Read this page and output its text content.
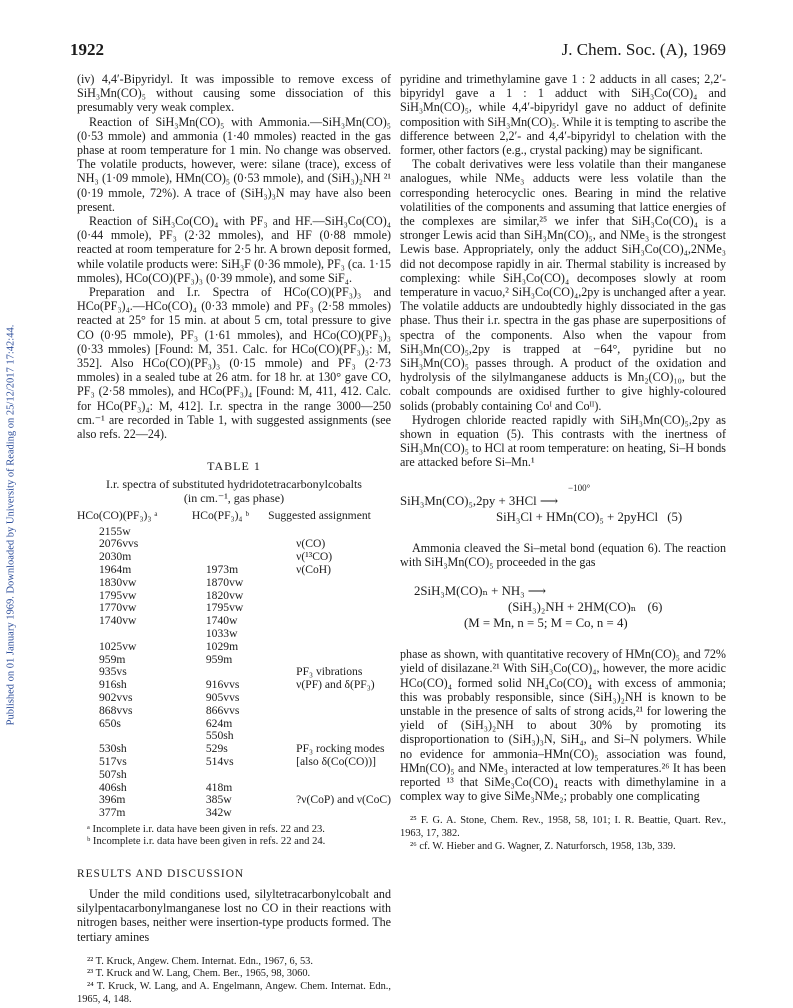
Published on 01 January 1969. Downloaded by University of Reading on 25/12/2017 17:42:44.
1922	J. Chem. Soc. (A), 1969

(iv) 4,4′-Bipyridyl. It was impossible to remove excess of SiH₃Mn(CO)₅ without causing some dissociation of this presumably very weak complex.

Reaction of SiH₃Mn(CO)₅ with Ammonia.—SiH₃Mn(CO)₅ (0·53 mmole) and ammonia (1·40 mmoles) reacted in the gas phase at room temperature for 1 min. No change was observed. The volatile products, however, were: silane (trace), excess of NH₃ (1·09 mmole), HMn(CO)₅ (0·53 mmole), and (SiH₃)₂NH ²¹ (0·19 mmole, 72%). A trace of (SiH₃)₃N may have also been present.

Reaction of SiH₃Co(CO)₄ with PF₃ and HF.—SiH₃Co(CO)₄ (0·44 mmole), PF₃ (2·32 mmoles), and HF (0·88 mmole) reacted at room temperature for 2·5 hr. A brown deposit formed, while volatile products were: SiH₃F (0·36 mmole), PF₃ (ca. 1·15 mmoles), HCo(CO)(PF₃)₃ (0·39 mmole), and some SiF₄.

Preparation and I.r. Spectra of HCo(CO)(PF₃)₃ and HCo(PF₃)₄.—HCo(CO)₄ (0·33 mmole) and PF₃ (2·58 mmoles) reacted at 25° for 15 min. at about 5 cm, total pressure to give CO (0·95 mmole), PF₃ (1·61 mmoles), and HCo(CO)(PF₃)₃ (0·33 mmoles) [Found: M, 351. Calc. for HCo(CO)(PF₃)₃: M, 352]. Also HCo(CO)(PF₃)₃ (0·15 mmole) and PF₃ (2·73 mmoles) in a sealed tube at 26 atm. for 18 hr. at 130° gave CO, PF₃ (2·58 mmoles), and HCo(PF₃)₄ [Found: M, 411, 412. Calc. for HCo(PF₃)₄: M, 412]. I.r. spectra in the range 3000—250 cm.⁻¹ are recorded in Table 1, with suggested assignments (see also refs. 22—24).

TABLE 1
I.r. spectra of substituted hydridotetracarbonylcobalts
(in cm.⁻¹, gas phase)
HCo(CO)(PF₃)₃ ᵃ	HCo(PF₃)₄ ᵇ	Suggested assignment
2155w		
2076vvs		ν(CO)
2030m		ν(¹³CO)
1964m	1973m	ν(CoH)
1830vw	1870vw	
1795vw	1820vw	
1770vw	1795vw	
1740vw	1740w	
	1033w	
1025vw	1029m	
959m	959m	
935vs		PF₃ vibrations
916sh	916vvs	ν(PF) and δ(PF₃)
902vvs	905vvs	
868vvs	866vvs	
650s	624m	
	550sh	
530sh	529s	PF₃ rocking modes
517vs	514vs	[also δ(Co(CO))]
507sh		
406sh	418m	
396m	385w	?ν(CoP) and ν(CoC)
377m	342w	
ᵃ Incomplete i.r. data have been given in refs. 22 and 23.
ᵇ Incomplete i.r. data have been given in refs. 22 and 24.
RESULTS AND DISCUSSION

Under the mild conditions used, silyltetracarbonylcobalt and silylpentacarbonylmanganese lost no CO in their reactions with nitrogen bases, neither were insertion-type products formed. The tertiary amines

²² T. Kruck, Angew. Chem. Internat. Edn., 1967, 6, 53.
²³ T. Kruck and W. Lang, Chem. Ber., 1965, 98, 3060.
²⁴ T. Kruck, W. Lang, and A. Engelmann, Angew. Chem. Internat. Edn., 1965, 4, 148.

pyridine and trimethylamine gave 1 : 2 adducts in all cases; 2,2′-bipyridyl gave a 1 : 1 adduct with SiH₃Co(CO)₄ and SiH₃Mn(CO)₅, while 4,4′-bipyridyl gave no adduct of definite composition with SiH₃Mn(CO)₅. While it is tempting to ascribe the difference between 2,2′- and 4,4′-bipyridyl to chelation with the former, other factors (e.g., crystal packing) may be significant.

The cobalt derivatives were less volatile than their manganese analogues, while NMe₃ adducts were less volatile than the corresponding heterocyclic ones. Bearing in mind the relative volatilities of the components and assuming that lattice energies of the complexes are similar,²⁵ we infer that SiH₃Co(CO)₄ is a stronger Lewis acid than SiH₃Mn(CO)₅, and NMe₃ is the strongest Lewis base. Appropriately, only the adduct SiH₃Co(CO)₄,2NMe₃ did not decompose rapidly in air. Thermal stability is increased by complexing: while SiH₃Co(CO)₄ decomposes slowly at room temperature in vacuo,² SiH₃Co(CO)₄,2py is unchanged after a year. The volatile adducts are undoubtedly highly dissociated in the gas phase. Thus their i.r. spectra in the gas phase are superpositions of spectra of the components. Also when the vapour from SiH₃Mn(CO)₅,2py is trapped at −64°, pyridine but no SiH₃Mn(CO)₅ passes through. A product of the oxidation and hydrolysis of the silylmanganese adducts is Mn₂(CO)₁₀, but the cobalt compounds are oxidised further to give highly-coloured solids (probably containing Coᴵ and Coᴵᴵ).

Hydrogen chloride reacted rapidly with SiH₃Mn(CO)₅,2py as shown in equation (5). This contrasts with the inertness of SiH₃Mn(CO)₅ to HCl at room temperature: on heating, Si–H bonds are attacked before Si–Mn.¹

−100°
SiH₃Mn(CO)₅,2py + 3HCl ⟶
SiH₃Cl + HMn(CO)₅ + 2pyHCl (5)

Ammonia cleaved the Si–metal bond (equation 6). The reaction with SiH₃Mn(CO)₅ proceeded in the gas

2SiH₃M(CO)ₙ + NH₃ ⟶
(SiH₃)₂NH + 2HM(CO)ₙ (6)
(M = Mn, n = 5; M = Co, n = 4)

phase as shown, with quantitative recovery of HMn(CO)₅ and 72% yield of disilazane.²¹ With SiH₃Co(CO)₄, however, the more acidic HCo(CO)₄ formed solid NH₄Co(CO)₄ with excess of ammonia; this was probably responsible, since (SiH₃)₂NH is known to be unstable in the presence of salts of strong acids,²¹ for lowering the yield of (SiH₃)₂NH to about 30% by promoting its disproportionation to (SiH₃)₃N, SiH₄, and Si–N polymers. While no evidence for ammonia–HMn(CO)₅ association was found, HMn(CO)₅ and NMe₃ interacted at low temperatures.²⁶ It has been reported ¹³ that SiMe₃Co(CO)₄ reacts with dimethylamine in a complex way to give SiMe₃NMe₂; probably one complicating

²⁵ F. G. A. Stone, Chem. Rev., 1958, 58, 101; I. R. Beattie, Quart. Rev., 1963, 17, 382.
²⁶ cf. W. Hieber and G. Wagner, Z. Naturforsch, 1958, 13b, 339.
